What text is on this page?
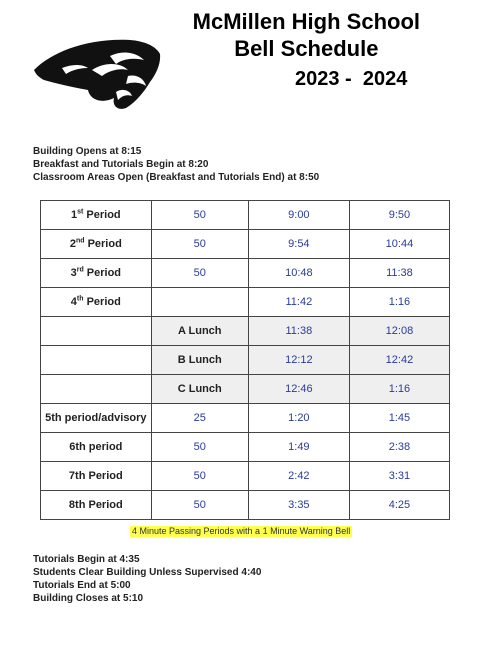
McMillen High School
Bell Schedule
2023 -  2024
Building Opens at 8:15
Breakfast and Tutorials Begin at 8:20
Classroom Areas Open (Breakfast and Tutorials End) at 8:50
1st Period	50	9:00	9:50
2nd Period	50	9:54	10:44
3rd Period	50	10:48	11:38
4th Period		11:42	1:16
	A Lunch	11:38	12:08
	B Lunch	12:12	12:42
	C Lunch	12:46	1:16
5th period/advisory	25	1:20	1:45
6th period	50	1:49	2:38
7th Period	50	2:42	3:31
8th Period	50	3:35	4:25
4 Minute Passing Periods with a 1 Minute Warning Bell
Tutorials Begin at 4:35
Students Clear Building Unless Supervised 4:40
Tutorials End at 5:00
Building Closes at 5:10
